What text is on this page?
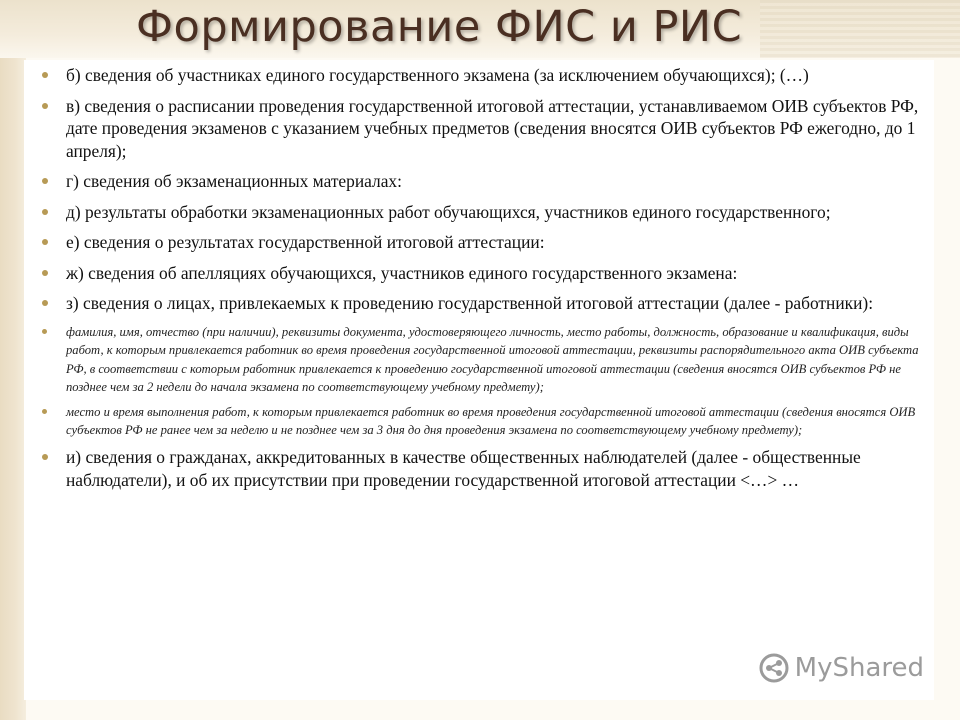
Формирование ФИС и РИС
б) сведения об участниках единого государственного экзамена (за исключением обучающихся); (…)
в) сведения о расписании проведения государственной итоговой аттестации, устанавливаемом ОИВ субъектов РФ, дате проведения экзаменов с указанием учебных предметов (сведения вносятся ОИВ субъектов РФ ежегодно, до 1 апреля);
г) сведения об экзаменационных материалах:
д) результаты обработки экзаменационных работ обучающихся, участников единого государственного;
е) сведения о результатах государственной итоговой аттестации:
ж) сведения об апелляциях обучающихся, участников единого государственного экзамена:
з) сведения о лицах, привлекаемых к проведению государственной итоговой аттестации (далее - работники):
фамилия, имя, отчество (при наличии), реквизиты документа, удостоверяющего личность, место работы, должность, образование и квалификация, виды работ, к которым привлекается работник во время проведения государственной итоговой аттестации, реквизиты распорядительного акта ОИВ субъекта РФ, в соответствии с которым работник привлекается к проведению государственной итоговой аттестации (сведения вносятся ОИВ субъектов РФ не позднее чем за 2 недели до начала экзамена по соответствующему учебному предмету);
место и время выполнения работ, к которым привлекается работник во время проведения государственной итоговой аттестации (сведения вносятся ОИВ субъектов РФ не ранее чем за неделю и не позднее чем за 3 дня до дня проведения экзамена по соответствующему учебному предмету);
и) сведения о гражданах, аккредитованных в качестве общественных наблюдателей (далее - общественные наблюдатели), и об их присутствии при проведении государственной итоговой аттестации <…> …
MyShared
